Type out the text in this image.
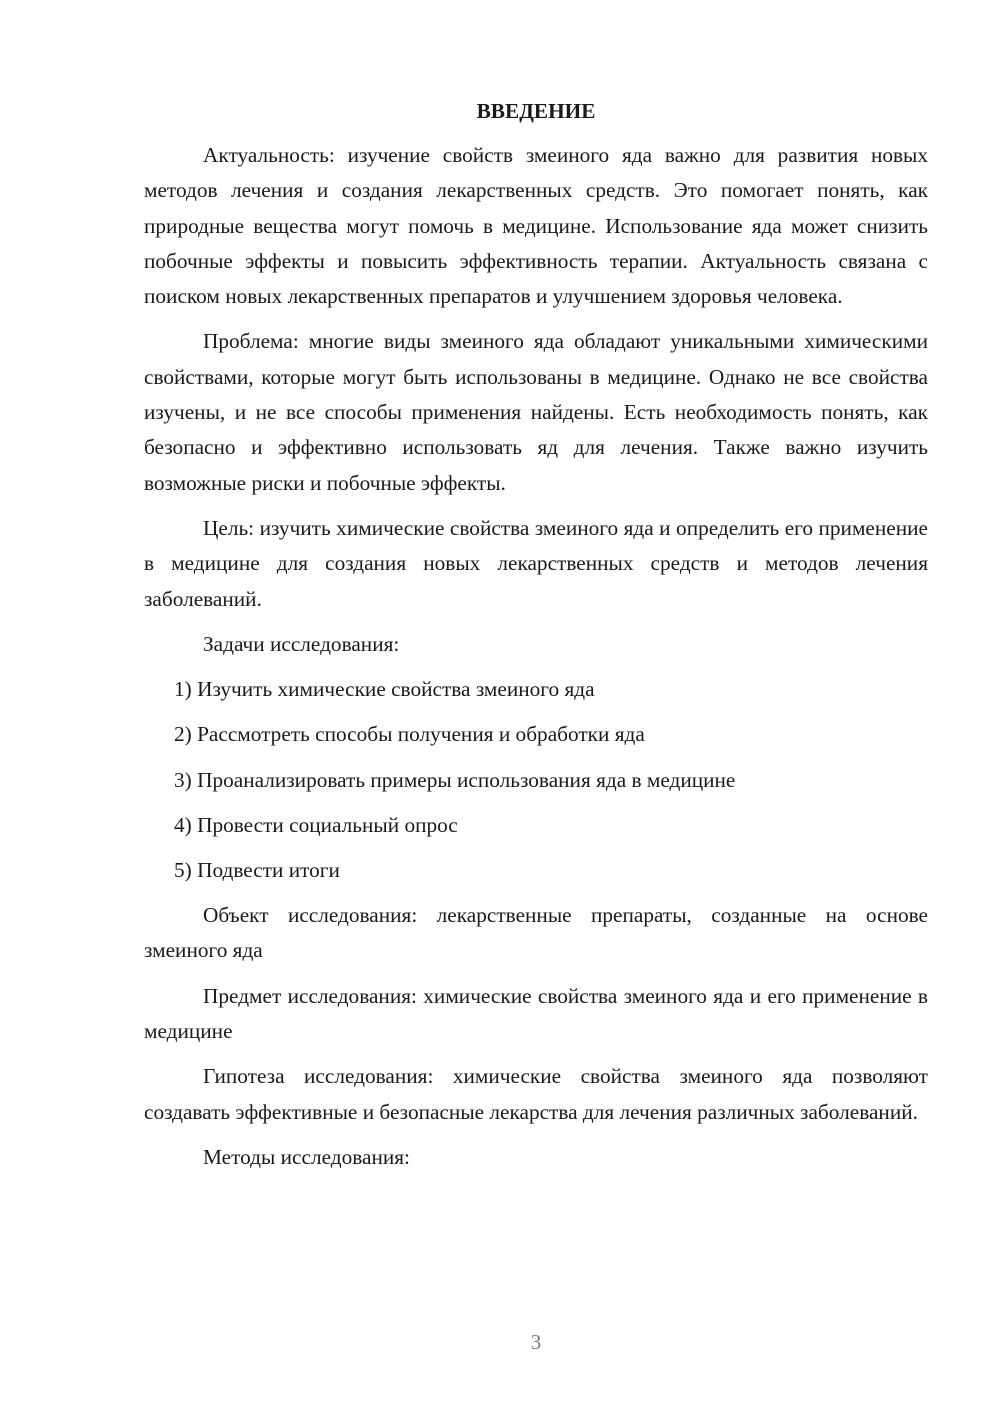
ВВЕДЕНИЕ

Актуальность: изучение свойств змеиного яда важно для развития новых методов лечения и создания лекарственных средств. Это помогает понять, как природные вещества могут помочь в медицине. Использование яда может снизить побочные эффекты и повысить эффективность терапии. Актуальность связана с поиском новых лекарственных препаратов и улучшением здоровья человека.

Проблема: многие виды змеиного яда обладают уникальными химическими свойствами, которые могут быть использованы в медицине. Однако не все свойства изучены, и не все способы применения найдены. Есть необходимость понять, как безопасно и эффективно использовать яд для лечения. Также важно изучить возможные риски и побочные эффекты.

Цель: изучить химические свойства змеиного яда и определить его применение в медицине для создания новых лекарственных средств и методов лечения заболеваний.

Задачи исследования:

1) Изучить химические свойства змеиного яда
2) Рассмотреть способы получения и обработки яда
3) Проанализировать примеры использования яда в медицине
4) Провести социальный опрос
5) Подвести итоги

Объект исследования: лекарственные препараты, созданные на основе змеиного яда

Предмет исследования: химические свойства змеиного яда и его применение в медицине

Гипотеза исследования: химические свойства змеиного яда позволяют создавать эффективные и безопасные лекарства для лечения различных заболеваний.

Методы исследования:

3
